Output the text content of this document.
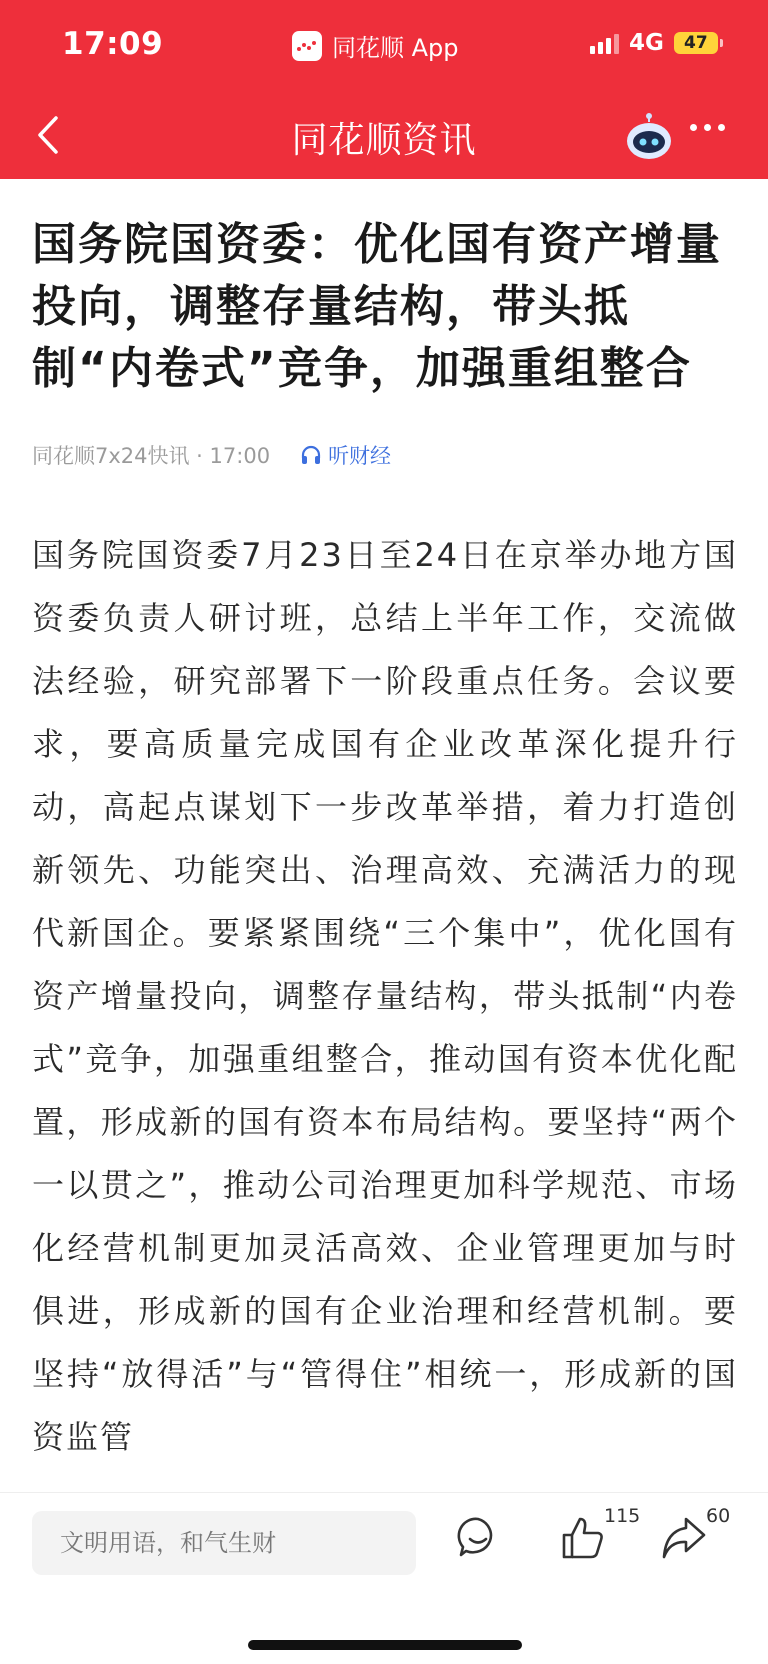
17:09	同花顺 App	4G	47
同花顺资讯
国务院国资委：优化国有资产增量投向，调整存量结构，带头抵制“内卷式”竞争，加强重组整合
同花顺7x24快讯 · 17:00	听财经
国务院国资委7月23日至24日在京举办地方国资委负责人研讨班，总结上半年工作，交流做法经验，研究部署下一阶段重点任务。会议要求，要高质量完成国有企业改革深化提升行动，高起点谋划下一步改革举措，着力打造创新领先、功能突出、治理高效、充满活力的现代新国企。要紧紧围绕“三个集中”，优化国有资产增量投向，调整存量结构，带头抵制“内卷式”竞争，加强重组整合，推动国有资本优化配置，形成新的国有资本布局结构。要坚持“两个一以贯之”，推动公司治理更加科学规范、市场化经营机制更加灵活高效、企业管理更加与时俱进，形成新的国有企业治理和经营机制。要坚持“放得活”与“管得住”相统一，形成新的国资监管
文明用语，和气生财
115	60
